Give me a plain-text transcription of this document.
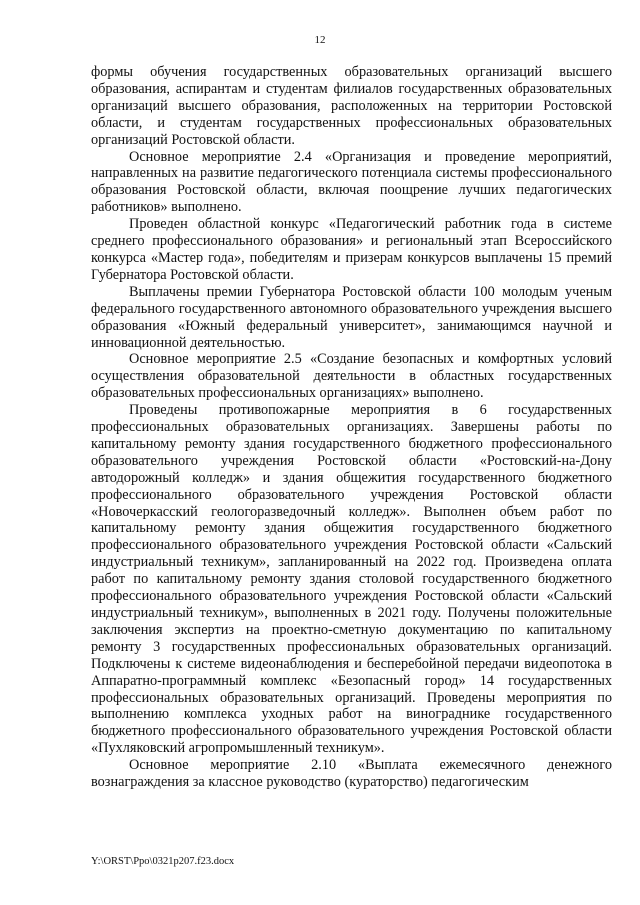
12

формы обучения государственных образовательных организаций высшего образования, аспирантам и студентам филиалов государственных образовательных организаций высшего образования, расположенных на территории Ростовской области, и студентам государственных профессиональных образовательных организаций Ростовской области.

Основное мероприятие 2.4 «Организация и проведение мероприятий, направленных на развитие педагогического потенциала системы профессионального образования Ростовской области, включая поощрение лучших педагогических работников» выполнено.

Проведен областной конкурс «Педагогический работник года в системе среднего профессионального образования» и региональный этап Всероссийского конкурса «Мастер года», победителям и призерам конкурсов выплачены 15 премий Губернатора Ростовской области.

Выплачены премии Губернатора Ростовской области 100 молодым ученым федерального государственного автономного образовательного учреждения высшего образования «Южный федеральный университет», занимающимся научной и инновационной деятельностью.

Основное мероприятие 2.5 «Создание безопасных и комфортных условий осуществления образовательной деятельности в областных государственных образовательных профессиональных организациях» выполнено.

Проведены противопожарные мероприятия в 6 государственных профессиональных образовательных организациях. Завершены работы по капитальному ремонту здания государственного бюджетного профессионального образовательного учреждения Ростовской области «Ростовский-на-Дону автодорожный колледж» и здания общежития государственного бюджетного профессионального образовательного учреждения Ростовской области «Новочеркасский геологоразведочный колледж». Выполнен объем работ по капитальному ремонту здания общежития государственного бюджетного профессионального образовательного учреждения Ростовской области «Сальский индустриальный техникум», запланированный на 2022 год. Произведена оплата работ по капитальному ремонту здания столовой государственного бюджетного профессионального образовательного учреждения Ростовской области «Сальский индустриальный техникум», выполненных в 2021 году. Получены положительные заключения экспертиз на проектно-сметную документацию по капитальному ремонту 3 государственных профессиональных образовательных организаций. Подключены к системе видеонаблюдения и бесперебойной передачи видеопотока в Аппаратно-программный комплекс «Безопасный город» 14 государственных профессиональных образовательных организаций. Проведены мероприятия по выполнению комплекса уходных работ на винограднике государственного бюджетного профессионального образовательного учреждения Ростовской области «Пухляковский агропромышленный техникум».

Основное мероприятие 2.10 «Выплата ежемесячного денежного вознаграждения за классное руководство (кураторство) педагогическим

Y:\ORST\Ppo\0321p207.f23.docx
